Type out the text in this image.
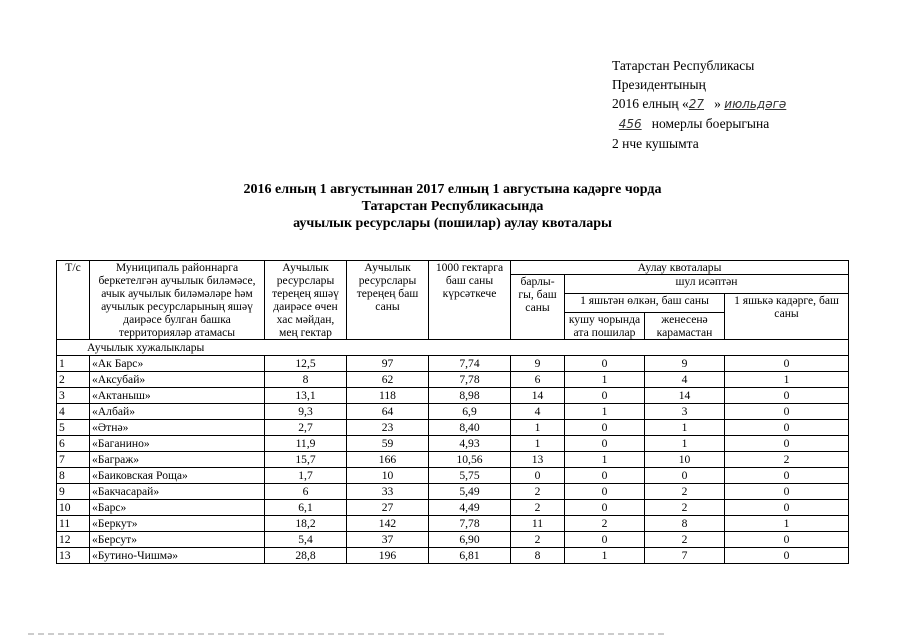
Татарстан Республикасы
Президентының
2016 елның «27 » июльдәгә
456 номерлы боерыгына
2 нче кушымта
2016 елның 1 августыннан 2017 елның 1 августына кадәрге чорда
Татарстан Республикасында
аучылык ресурслары (пошилар) аулау квоталары
Т/с	Муниципаль районнарга беркетелгән аучылык биләмәсе, ачык аучылык биләмәләре һәм аучылык ресурсларының яшәү даирәсе булган башка территорияләр атамасы	Аучылык ресурслары тереңең яшәү даирәсе өчен хас мәйдан, мең гектар	Аучылык ресурслары тереңең баш саны	1000 гектарга баш саны күрсәткече	Аулау квоталары			
					барлы-гы, баш саны	шул исәптән		
						1 яшьтән өлкән, баш саны		1 яшькә кадәрге, баш саны
						кушу чорында ата пошилар	женесенә карамастан	
Аучылык хужалыклары								
1	«Ак Барс»	12,5	97	7,74	9	0	9	0
2	«Аксубай»	8	62	7,78	6	1	4	1
3	«Актаныш»	13,1	118	8,98	14	0	14	0
4	«Албай»	9,3	64	6,9	4	1	3	0
5	«Әтнә»	2,7	23	8,40	1	0	1	0
6	«Баганино»	11,9	59	4,93	1	0	1	0
7	«Баграж»	15,7	166	10,56	13	1	10	2
8	«Баиковская Роща»	1,7	10	5,75	0	0	0	0
9	«Бакчасарай»	6	33	5,49	2	0	2	0
10	«Барс»	6,1	27	4,49	2	0	2	0
11	«Беркут»	18,2	142	7,78	11	2	8	1
12	«Берсут»	5,4	37	6,90	2	0	2	0
13	«Бутино-Чишмә»	28,8	196	6,81	8	1	7	0
